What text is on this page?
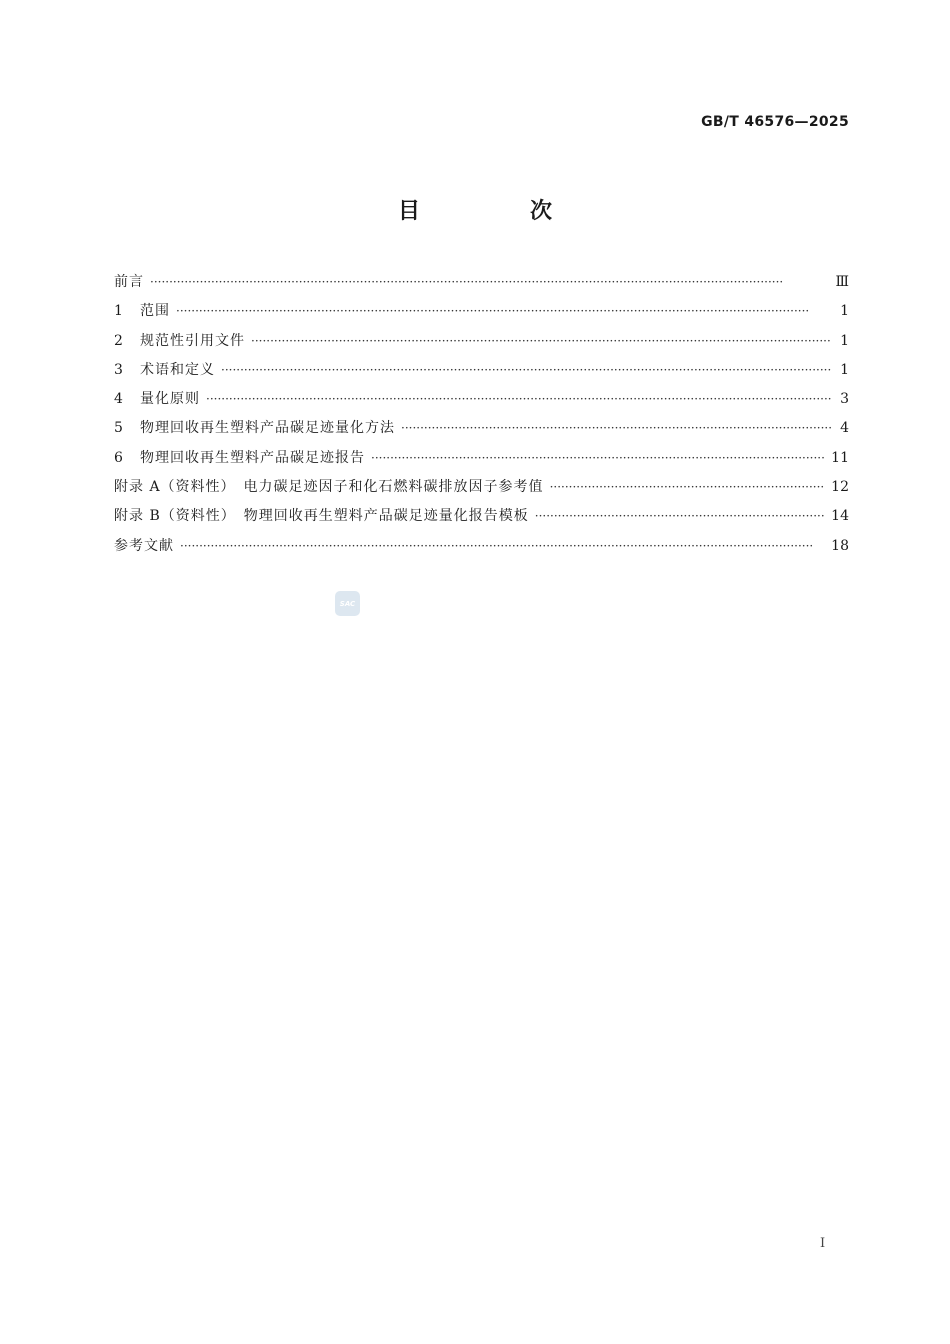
GB/T 46576—2025
目　次
前言 ·····	Ⅲ
1	范围 ·····	1
2	规范性引用文件 ·····	1
3	术语和定义 ·····	1
4	量化原则 ·····	3
5	物理回收再生塑料产品碳足迹量化方法 ·····	4
6	物理回收再生塑料产品碳足迹报告 ·····	11
附录 A（资料性）　电力碳足迹因子和化石燃料碳排放因子参考值 ·····	12
附录 B（资料性）　物理回收再生塑料产品碳足迹量化报告模板 ·····	14
参考文献 ·····	18
SAC
I
